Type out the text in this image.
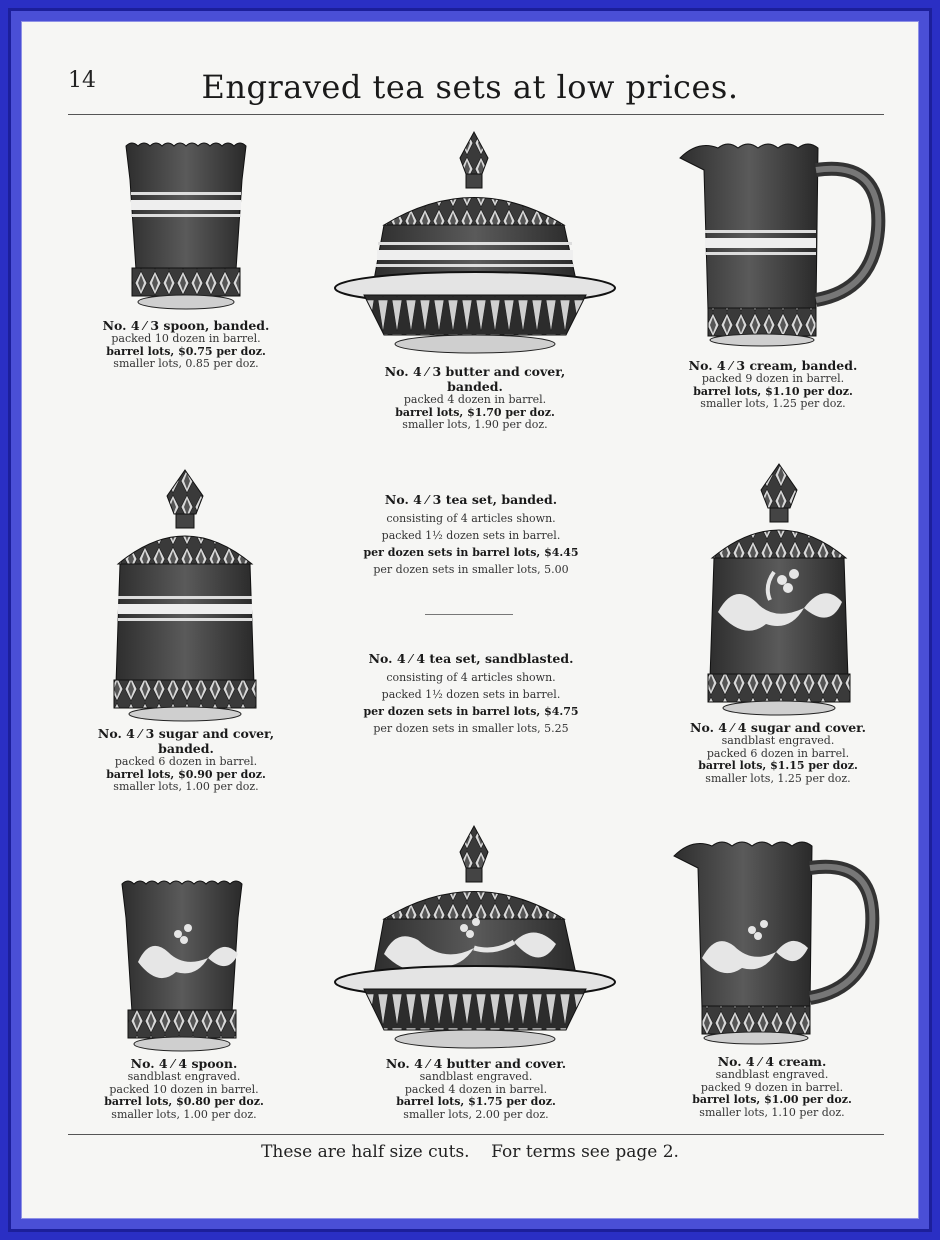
14	Engraved tea sets at low prices.
No. 4 ⁄ 3 spoon, banded.
packed 10 dozen in barrel.
barrel lots, $0.75 per doz.
smaller lots, 0.85 per doz.
No. 4 ⁄ 3 butter and cover, banded.
packed 4 dozen in barrel.
barrel lots, $1.70 per doz.
smaller lots, 1.90 per doz.
No. 4 ⁄ 3 cream, banded.
packed 9 dozen in barrel.
barrel lots, $1.10 per doz.
smaller lots, 1.25 per doz.
No. 4 ⁄ 3 tea set, banded.
consisting of 4 articles shown.
packed 1½ dozen sets in barrel.
per dozen sets in barrel lots, $4.45
per dozen sets in smaller lots, 5.00
No. 4 ⁄ 4 tea set, sandblasted.
consisting of 4 articles shown.
packed 1½ dozen sets in barrel.
per dozen sets in barrel lots, $4.75
per dozen sets in smaller lots, 5.25
No. 4 ⁄ 3 sugar and cover, banded.
packed 6 dozen in barrel.
barrel lots, $0.90 per doz.
smaller lots, 1.00 per doz.
No. 4 ⁄ 4 sugar and cover.
sandblast engraved.
packed 6 dozen in barrel.
barrel lots, $1.15 per doz.
smaller lots, 1.25 per doz.
No. 4 ⁄ 4 spoon.
sandblast engraved.
packed 10 dozen in barrel.
barrel lots, $0.80 per doz.
smaller lots, 1.00 per doz.
No. 4 ⁄ 4 butter and cover.
sandblast engraved.
packed 4 dozen in barrel.
barrel lots, $1.75 per doz.
smaller lots, 2.00 per doz.
No. 4 ⁄ 4 cream.
sandblast engraved.
packed 9 dozen in barrel.
barrel lots, $1.00 per doz.
smaller lots, 1.10 per doz.
These are half size cuts.    For terms see page 2.
